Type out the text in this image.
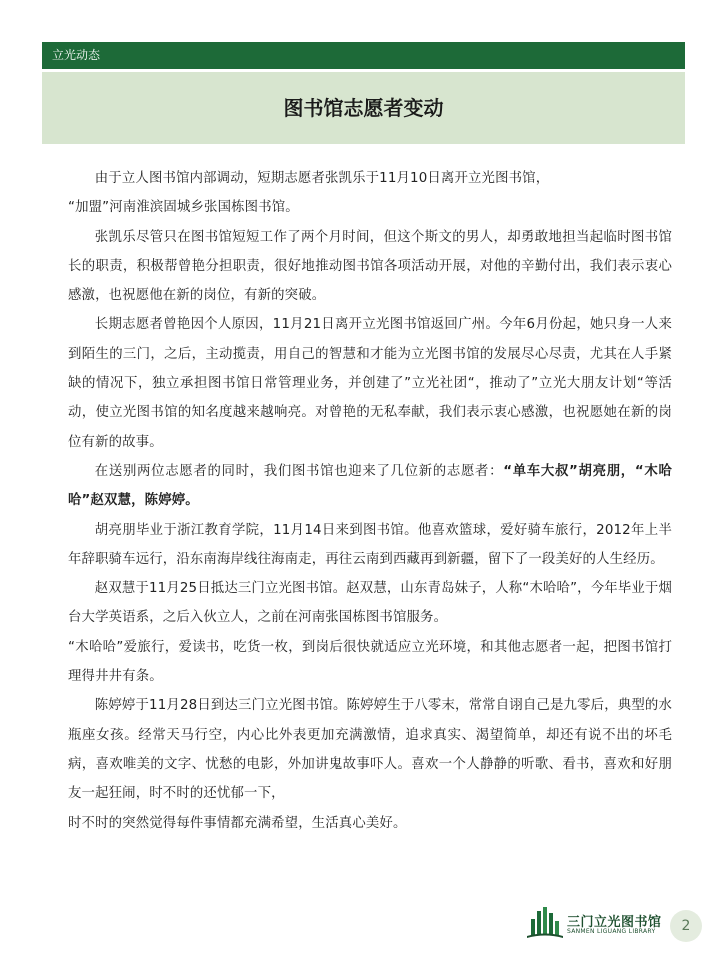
立光动态
图书馆志愿者变动

由于立人图书馆内部调动，短期志愿者张凯乐于11月10日离开立光图书馆，

“加盟”河南淮滨固城乡张国栋图书馆。

张凯乐尽管只在图书馆短短工作了两个月时间，但这个斯文的男人，却勇敢地担当起临时图书馆长的职责，积极帮曾艳分担职责，很好地推动图书馆各项活动开展，对他的辛勤付出，我们表示衷心感激，也祝愿他在新的岗位，有新的突破。

长期志愿者曾艳因个人原因，11月21日离开立光图书馆返回广州。今年6月份起，她只身一人来到陌生的三门，之后，主动揽责，用自己的智慧和才能为立光图书馆的发展尽心尽责，尤其在人手紧缺的情况下，独立承担图书馆日常管理业务，并创建了”立光社团“，推动了”立光大朋友计划“等活动，使立光图书馆的知名度越来越响亮。对曾艳的无私奉献，我们表示衷心感激，也祝愿她在新的岗位有新的故事。

在送别两位志愿者的同时，我们图书馆也迎来了几位新的志愿者：“单车大叔”胡亮朋，“木哈哈”赵双慧，陈婷婷。

胡亮朋毕业于浙江教育学院，11月14日来到图书馆。他喜欢篮球，爱好骑车旅行，2012年上半年辞职骑车远行，沿东南海岸线往海南走，再往云南到西藏再到新疆，留下了一段美好的人生经历。

赵双慧于11月25日抵达三门立光图书馆。赵双慧，山东青岛妹子，人称“木哈哈”，今年毕业于烟台大学英语系，之后入伙立人，之前在河南张国栋图书馆服务。

“木哈哈”爱旅行，爱读书，吃货一枚，到岗后很快就适应立光环境，和其他志愿者一起，把图书馆打理得井井有条。

陈婷婷于11月28日到达三门立光图书馆。陈婷婷生于八零末，常常自诩自己是九零后，典型的水瓶座女孩。经常天马行空，内心比外表更加充满激情，追求真实、渴望简单，却还有说不出的坏毛病，喜欢唯美的文字、忧愁的电影，外加讲鬼故事吓人。喜欢一个人静静的听歌、看书，喜欢和好朋友一起狂闹，时不时的还忧郁一下，

时不时的突然觉得每件事情都充满希望，生活真心美好。

三门立光图书馆
SANMEN LIGUANG LIBRARY	2
